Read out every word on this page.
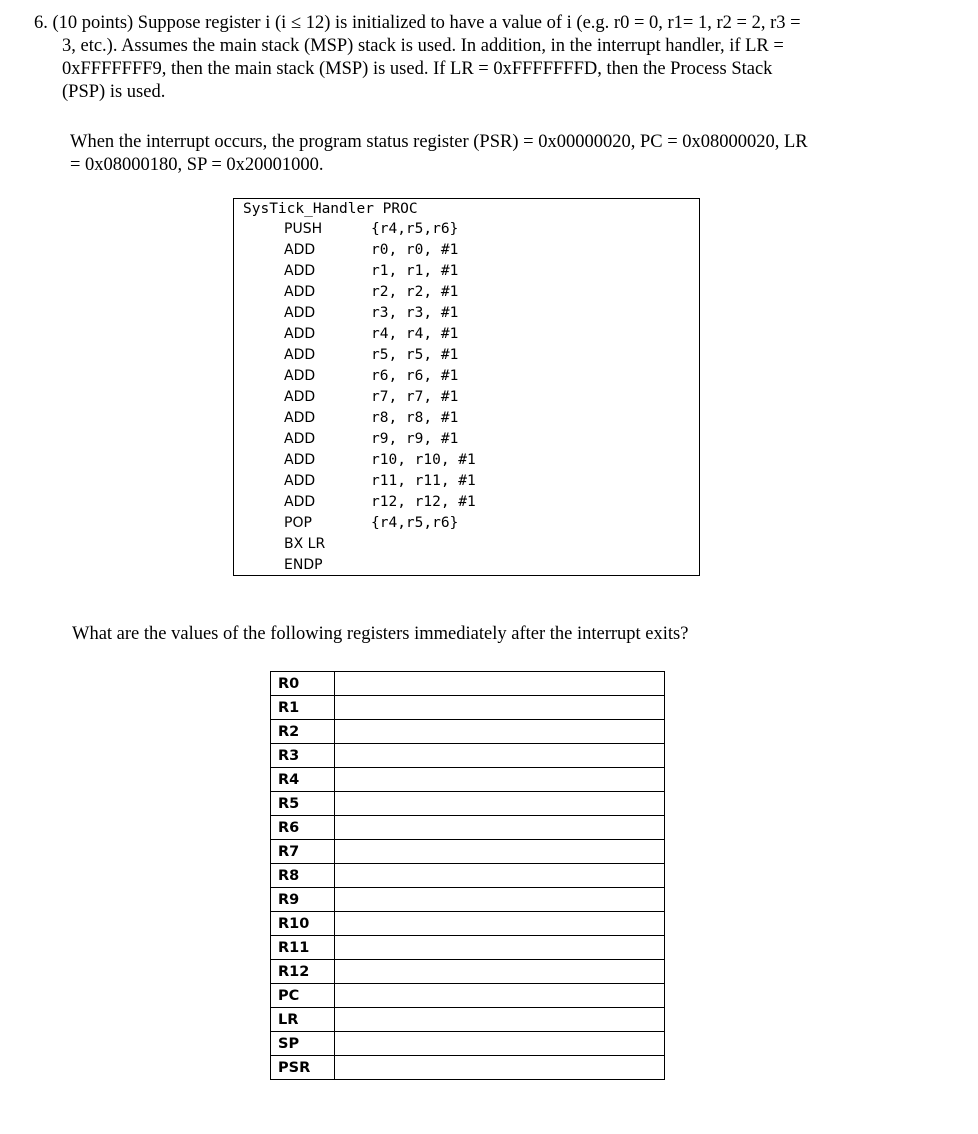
6. (10 points) Suppose register i (i ≤ 12) is initialized to have a value of i (e.g. r0 = 0, r1= 1, r2 = 2, r3 =
3, etc.). Assumes the main stack (MSP) stack is used. In addition, in the interrupt handler, if LR =
0xFFFFFFF9, then the main stack (MSP) is used. If LR = 0xFFFFFFFD, then the Process Stack
(PSP) is used.
When the interrupt occurs, the program status register (PSR) = 0x00000020, PC = 0x08000020, LR
= 0x08000180, SP = 0x20001000.
SysTick_Handler PROC
PUSH	{r4,r5,r6}
ADD	r0, r0, #1
ADD	r1, r1, #1
ADD	r2, r2, #1
ADD	r3, r3, #1
ADD	r4, r4, #1
ADD	r5, r5, #1
ADD	r6, r6, #1
ADD	r7, r7, #1
ADD	r8, r8, #1
ADD	r9, r9, #1
ADD	r10, r10, #1
ADD	r11, r11, #1
ADD	r12, r12, #1
POP	{r4,r5,r6}
BX LR
ENDP
What are the values of the following registers immediately after the interrupt exits?
R0	
R1	
R2	
R3	
R4	
R5	
R6	
R7	
R8	
R9	
R10	
R11	
R12	
PC	
LR	
SP	
PSR	
